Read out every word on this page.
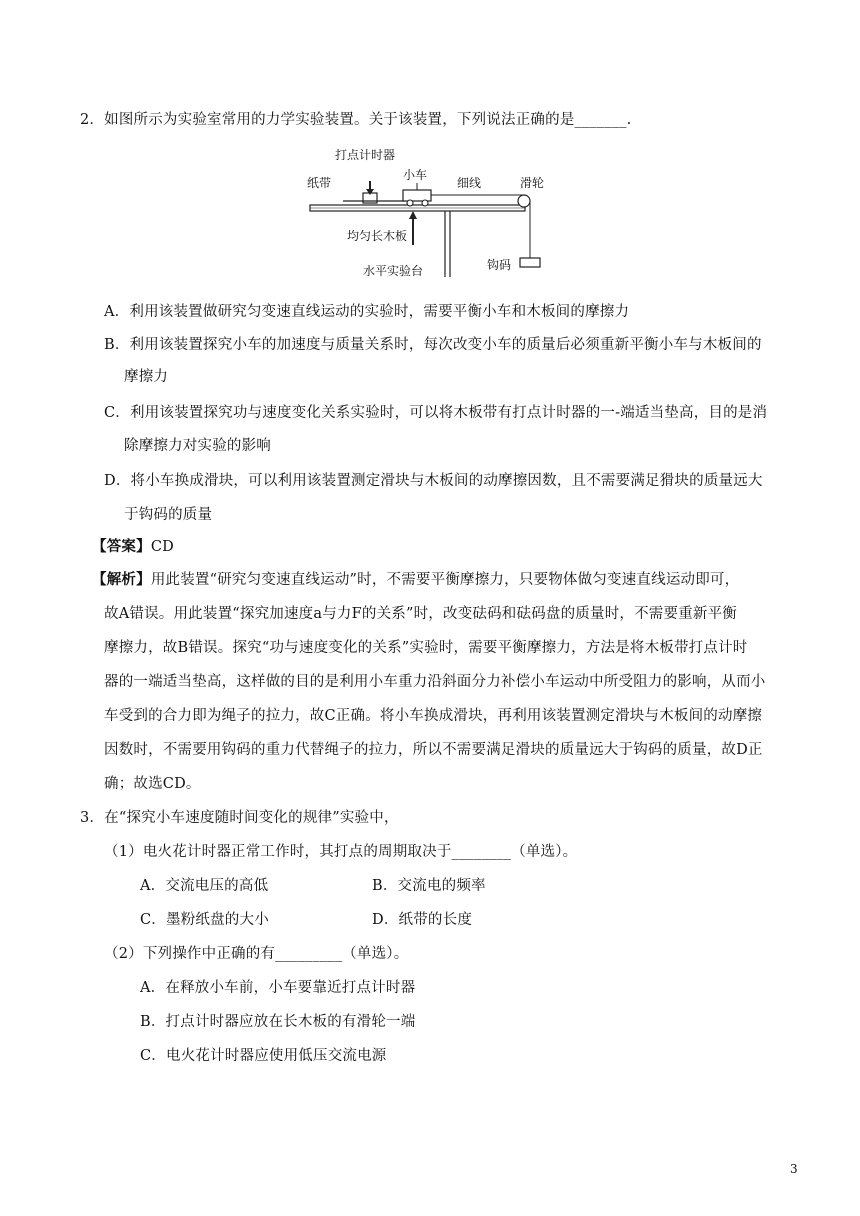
2．如图所示为实验室常用的力学实验装置。关于该装置，下列说法正确的是_______.
打点计时器
纸带
小车
细线	滑轮
均匀长木板
水平实验台	钩码
A．利用该装置做研究匀变速直线运动的实验时，需要平衡小车和木板间的摩擦力
B．利用该装置探究小车的加速度与质量关系时，每次改变小车的质量后必须重新平衡小车与木板间的
摩擦力
C．利用该装置探究功与速度变化关系实验时，可以将木板带有打点计时器的一-端适当垫高，目的是消
除摩擦力对实验的影响
D．将小车换成滑块，可以利用该装置测定滑块与木板间的动摩擦因数，且不需要满足猾块的质量远大
于钩码的质量
【答案】CD
【解析】用此装置“研究匀变速直线运动”时，不需要平衡摩擦力，只要物体做匀变速直线运动即可，
故A错误。用此装置“探究加速度a与力F的关系”时，改变砝码和砝码盘的质量时，不需要重新平衡
摩擦力，故B错误。探究“功与速度变化的关系”实验时，需要平衡摩擦力，方法是将木板带打点计时
器的一端适当垫高，这样做的目的是利用小车重力沿斜面分力补偿小车运动中所受阻力的影响，从而小
车受到的合力即为绳子的拉力，故C正确。将小车换成滑块，再利用该装置测定滑块与木板间的动摩擦
因数时，不需要用钩码的重力代替绳子的拉力，所以不需要满足滑块的质量远大于钩码的质量，故D正
确；故选CD。
3．在“探究小车速度随时间变化的规律”实验中，
（1）电火花计时器正常工作时，其打点的周期取决于________（单选）。
A．交流电压的高低	B．交流电的频率
C．墨粉纸盘的大小	D．纸带的长度
（2）下列操作中正确的有_________（单选）。
A．在释放小车前，小车要靠近打点计时器
B．打点计时器应放在长木板的有滑轮一端
C．电火花计时器应使用低压交流电源
3
